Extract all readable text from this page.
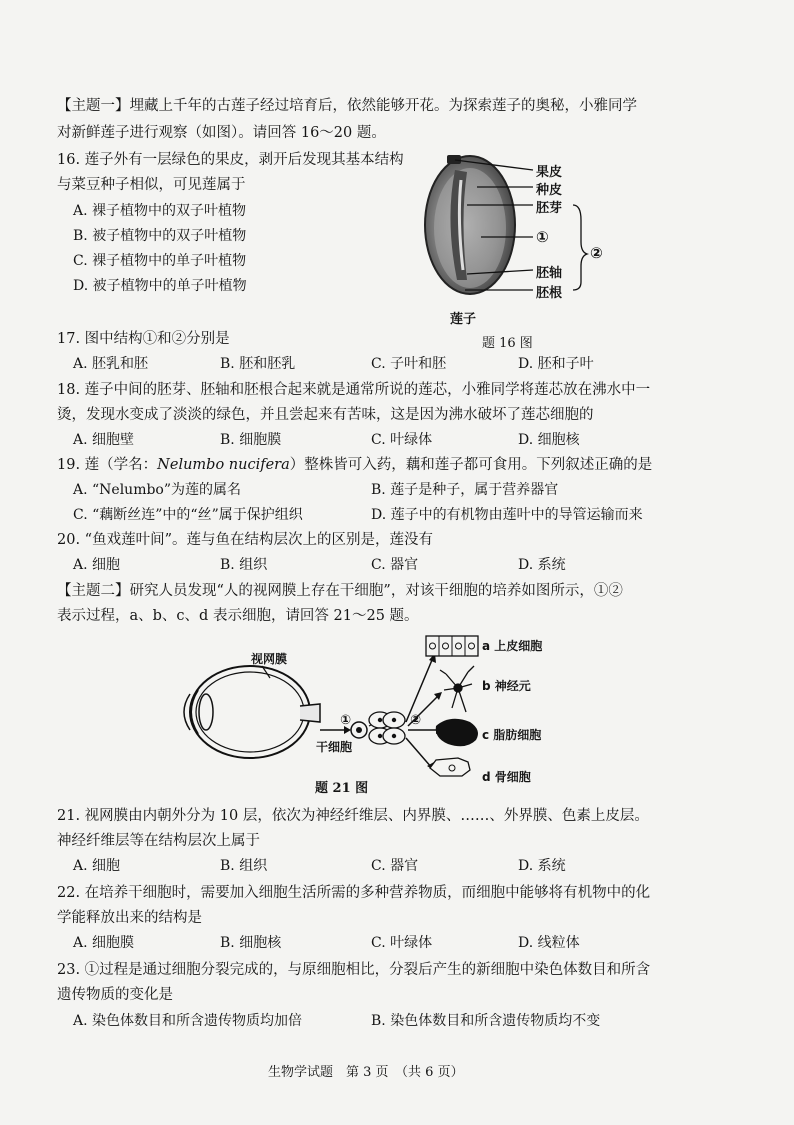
【主题一】埋藏上千年的古莲子经过培育后，依然能够开花。为探索莲子的奥秘，小雅同学
对新鲜莲子进行观察（如图）。请回答 16～20 题。
16. 莲子外有一层绿色的果皮，剥开后发现其基本结构
与菜豆种子相似，可见莲属于
A. 裸子植物中的双子叶植物
B. 被子植物中的双子叶植物
C. 裸子植物中的单子叶植物
D. 被子植物中的单子叶植物
果皮
种皮
胚芽
①
胚轴
胚根
②
莲子
题 16 图
17. 图中结构①和②分别是
A. 胚乳和胚	B. 胚和胚乳	C. 子叶和胚	D. 胚和子叶
18. 莲子中间的胚芽、胚轴和胚根合起来就是通常所说的莲芯，小雅同学将莲芯放在沸水中一
烫，发现水变成了淡淡的绿色，并且尝起来有苦味，这是因为沸水破坏了莲芯细胞的
A. 细胞壁	B. 细胞膜	C. 叶绿体	D. 细胞核
19. 莲（学名：Nelumbo nucifera）整株皆可入药，藕和莲子都可食用。下列叙述正确的是
A. “Nelumbo”为莲的属名	B. 莲子是种子，属于营养器官
C. “藕断丝连”中的“丝”属于保护组织	D. 莲子中的有机物由莲叶中的导管运输而来
20. “鱼戏莲叶间”。莲与鱼在结构层次上的区别是，莲没有
A. 细胞	B. 组织	C. 器官	D. 系统
【主题二】研究人员发现“人的视网膜上存在干细胞”，对该干细胞的培养如图所示，①②
表示过程，a、b、c、d 表示细胞，请回答 21～25 题。
视网膜
①
干细胞
②
a 上皮细胞
b 神经元
c 脂肪细胞
d 骨细胞
题 21 图
21. 视网膜由内朝外分为 10 层，依次为神经纤维层、内界膜、……、外界膜、色素上皮层。
神经纤维层等在结构层次上属于
A. 细胞	B. 组织	C. 器官	D. 系统
22. 在培养干细胞时，需要加入细胞生活所需的多种营养物质，而细胞中能够将有机物中的化
学能释放出来的结构是
A. 细胞膜	B. 细胞核	C. 叶绿体	D. 线粒体
23. ①过程是通过细胞分裂完成的，与原细胞相比，分裂后产生的新细胞中染色体数目和所含
遗传物质的变化是
A. 染色体数目和所含遗传物质均加倍	B. 染色体数目和所含遗传物质均不变
生物学试题　第 3 页　（共 6 页）
